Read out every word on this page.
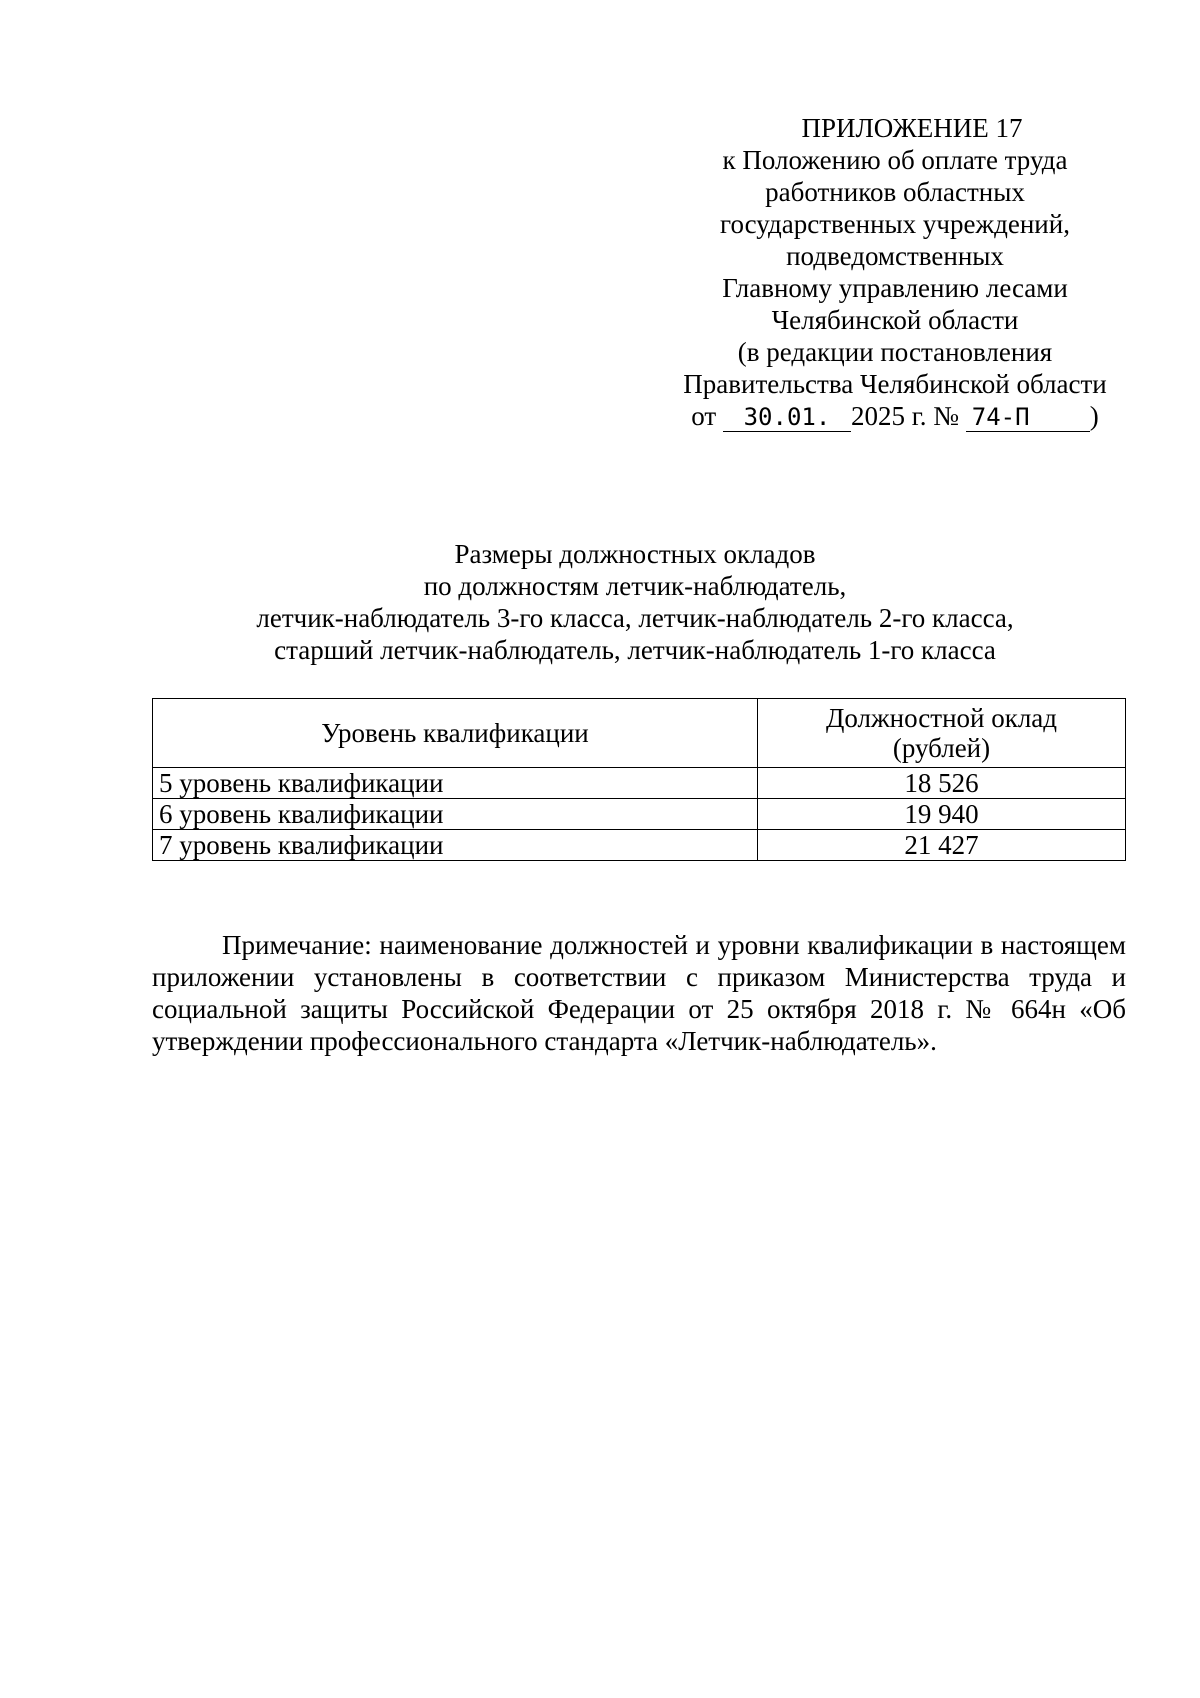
ПРИЛОЖЕНИЕ 17
к Положению об оплате труда
работников областных
государственных учреждений,
подведомственных
Главному управлению лесами
Челябинской области
(в редакции постановления
Правительства Челябинской области
от 30.01. 2025 г. № 74-П )
Размеры должностных окладов
по должностям летчик-наблюдатель,
летчик-наблюдатель 3-го класса, летчик-наблюдатель 2-го класса,
старший летчик-наблюдатель, летчик-наблюдатель 1-го класса
Уровень квалификации	Должностной оклад
(рублей)
5 уровень квалификации	18 526
6 уровень квалификации	19 940
7 уровень квалификации	21 427

Примечание: наименование должностей и уровни квалификации в настоящем приложении установлены в соответствии с приказом Министерства труда и социальной защиты Российской Федерации от 25 октября 2018 г. № 664н «Об утверждении профессионального стандарта «Летчик-наблюдатель».
